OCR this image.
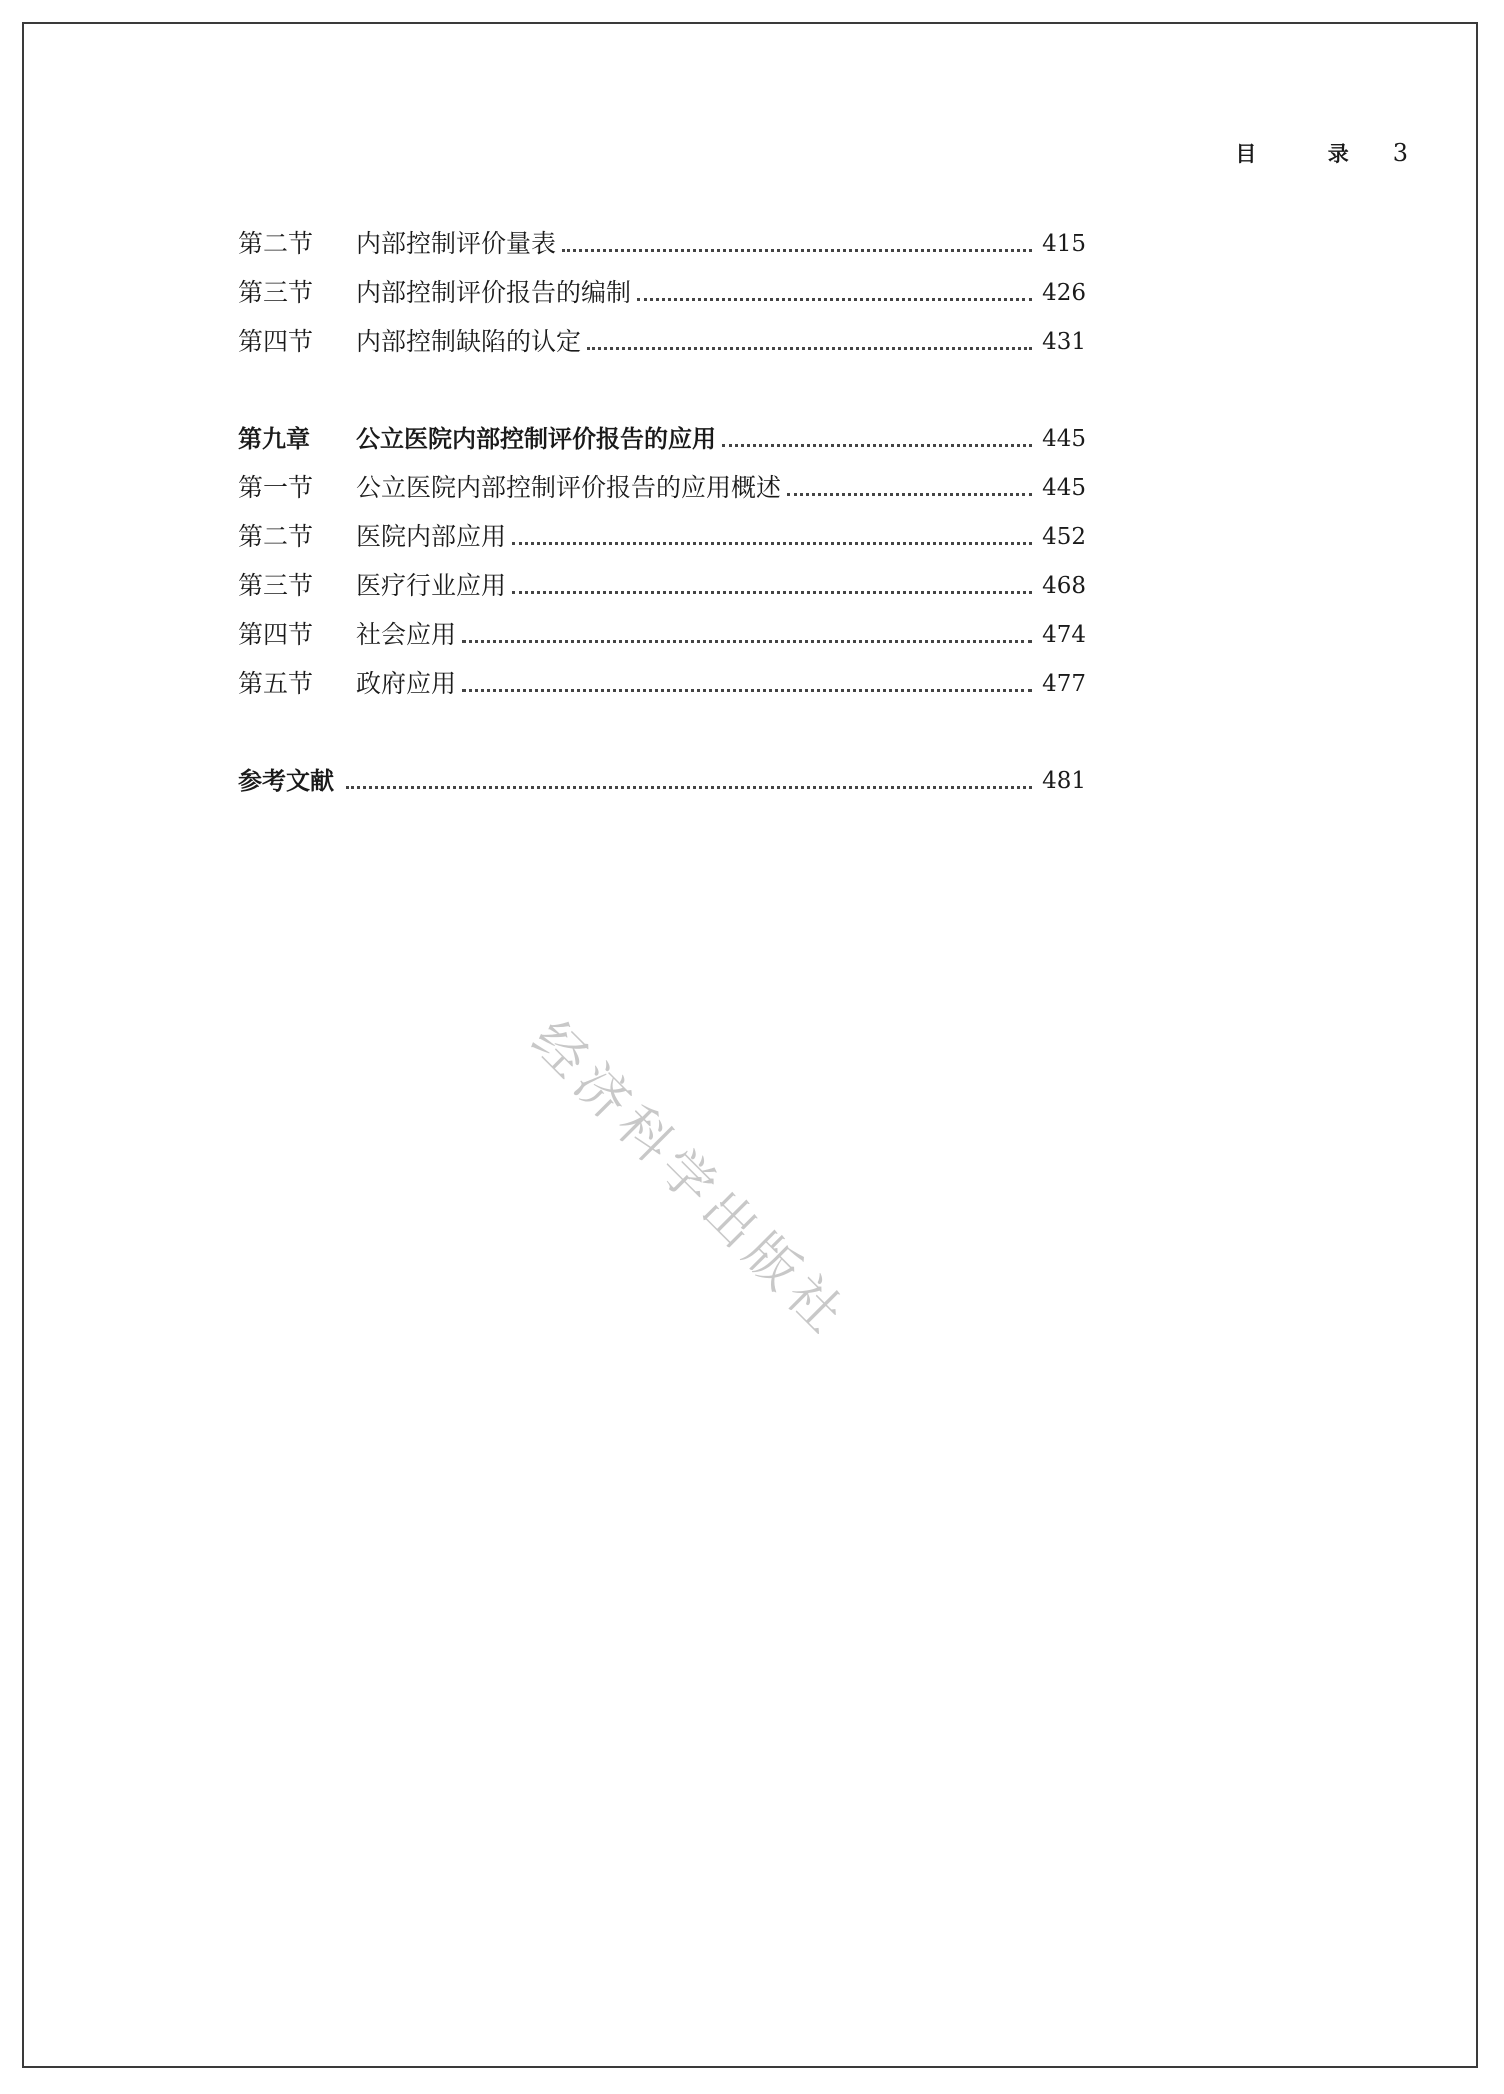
目 录 3
第二节	内部控制评价量表	415
第三节	内部控制评价报告的编制	426
第四节	内部控制缺陷的认定	431
第九章	公立医院内部控制评价报告的应用	445
第一节	公立医院内部控制评价报告的应用概述	445
第二节	医院内部应用	452
第三节	医疗行业应用	468
第四节	社会应用	474
第五节	政府应用	477
参考文献	481
经济科学出版社
